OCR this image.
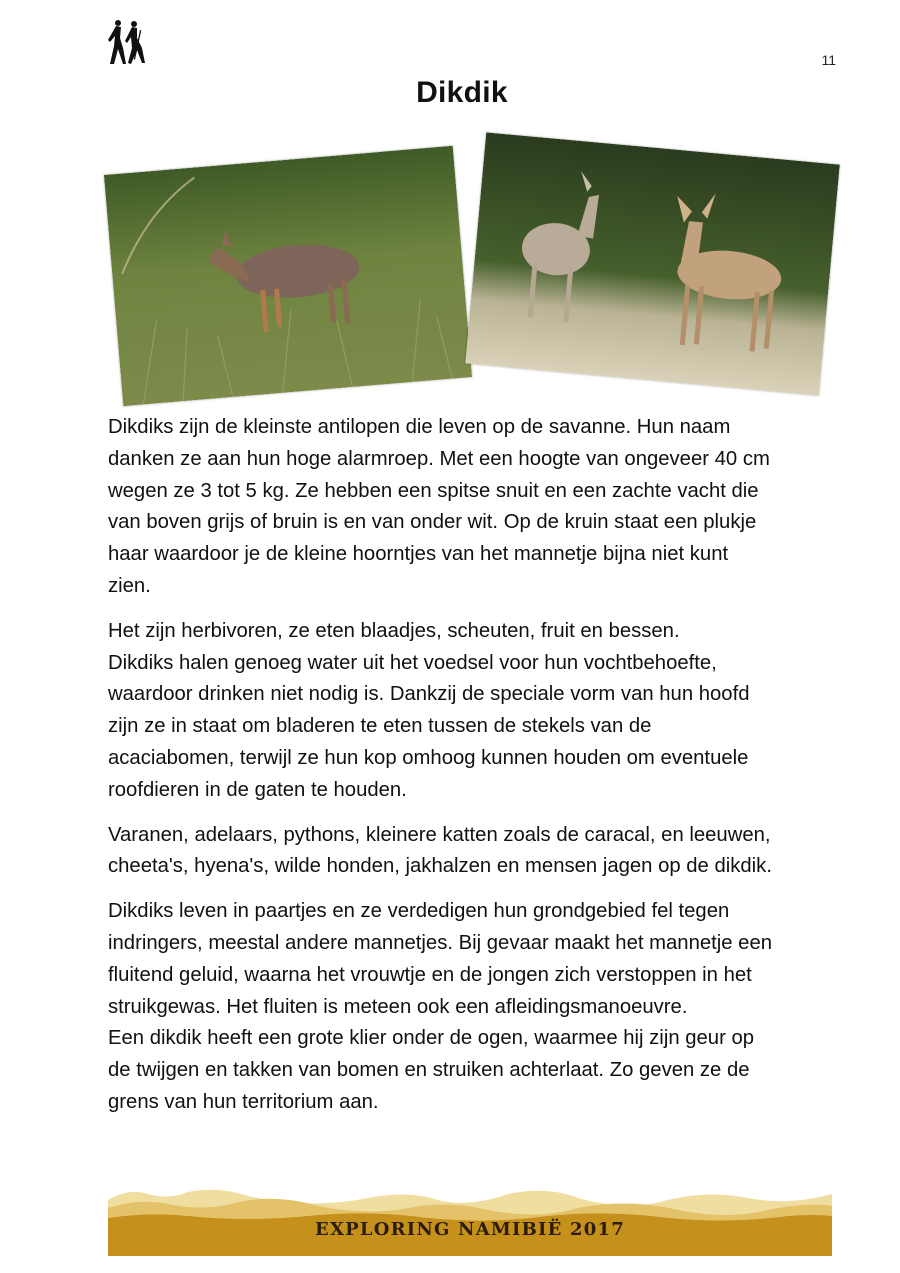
11
Dikdik

Dikdiks zijn de kleinste antilopen die leven op de savanne. Hun naam
danken ze aan hun hoge alarmroep. Met een hoogte van ongeveer 40 cm
wegen ze 3 tot 5 kg. Ze hebben een spitse snuit en een zachte vacht die
van boven grijs of bruin is en van onder wit. Op de kruin staat een plukje
haar waardoor je de kleine hoorntjes van het mannetje bijna niet kunt
zien.

Het zijn herbivoren, ze eten blaadjes, scheuten, fruit en bessen.
Dikdiks halen genoeg water uit het voedsel voor hun vochtbehoefte,
waardoor drinken niet nodig is. Dankzij de speciale vorm van hun hoofd
zijn ze in staat om bladeren te eten tussen de stekels van de
acaciabomen, terwijl ze hun kop omhoog kunnen houden om eventuele
roofdieren in de gaten te houden.

Varanen, adelaars, pythons, kleinere katten zoals de caracal, en leeuwen,
cheeta's, hyena's, wilde honden, jakhalzen en mensen jagen op de dikdik.

Dikdiks leven in paartjes en ze verdedigen hun grondgebied fel tegen
indringers, meestal andere mannetjes. Bij gevaar maakt het mannetje een
fluitend geluid, waarna het vrouwtje en de jongen zich verstoppen in het
struikgewas. Het fluiten is meteen ook een afleidingsmanoeuvre.
Een dikdik heeft een grote klier onder de ogen, waarmee hij zijn geur op
de twijgen en takken van bomen en struiken achterlaat. Zo geven ze de
grens van hun territorium aan.

EXPLORING NAMIBIË 2017
